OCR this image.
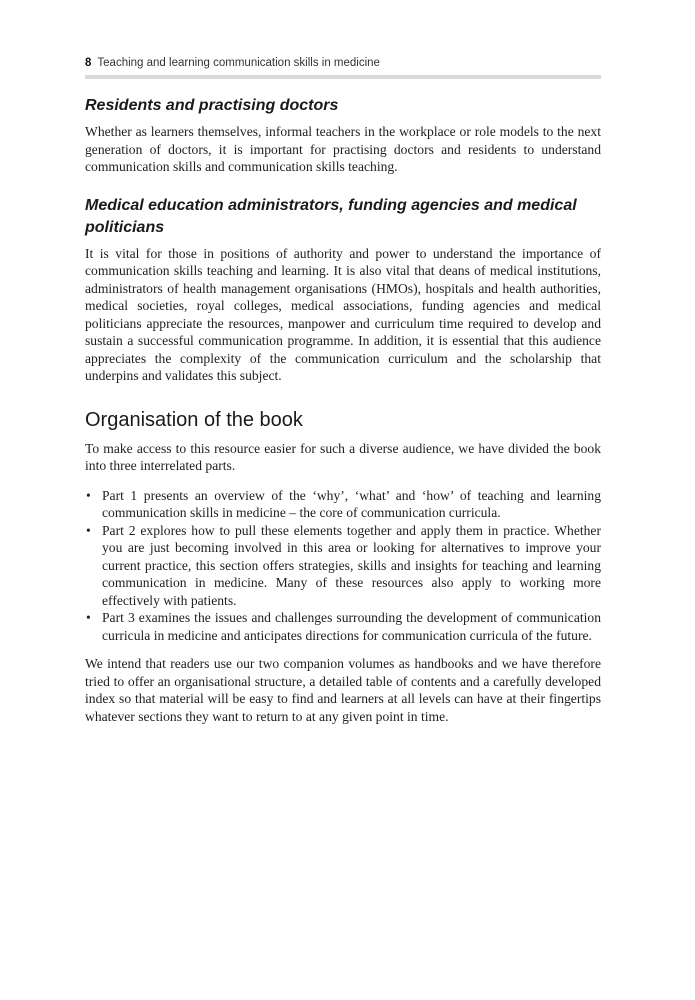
8 Teaching and learning communication skills in medicine
Residents and practising doctors

Whether as learners themselves, informal teachers in the workplace or role models to the next generation of doctors, it is important for practising doctors and residents to understand communication skills and communication skills teaching.

Medical education administrators, funding agencies and medical politicians

It is vital for those in positions of authority and power to understand the importance of communication skills teaching and learning. It is also vital that deans of medical institutions, administrators of health management organisations (HMOs), hospitals and health authorities, medical societies, royal colleges, medical associations, funding agencies and medical politicians appreciate the resources, manpower and curriculum time required to develop and sustain a successful communication programme. In addition, it is essential that this audience appreciates the complexity of the communication curriculum and the scholarship that underpins and validates this subject.

Organisation of the book

To make access to this resource easier for such a diverse audience, we have divided the book into three interrelated parts.

• Part 1 presents an overview of the ‘why’, ‘what’ and ‘how’ of teaching and learning communication skills in medicine – the core of communication curricula.
• Part 2 explores how to pull these elements together and apply them in practice. Whether you are just becoming involved in this area or looking for alternatives to improve your current practice, this section offers strategies, skills and insights for teaching and learning communication in medicine. Many of these resources also apply to working more effectively with patients.
• Part 3 examines the issues and challenges surrounding the development of communication curricula in medicine and anticipates directions for communication curricula of the future.

We intend that readers use our two companion volumes as handbooks and we have therefore tried to offer an organisational structure, a detailed table of contents and a carefully developed index so that material will be easy to find and learners at all levels can have at their fingertips whatever sections they want to return to at any given point in time.
